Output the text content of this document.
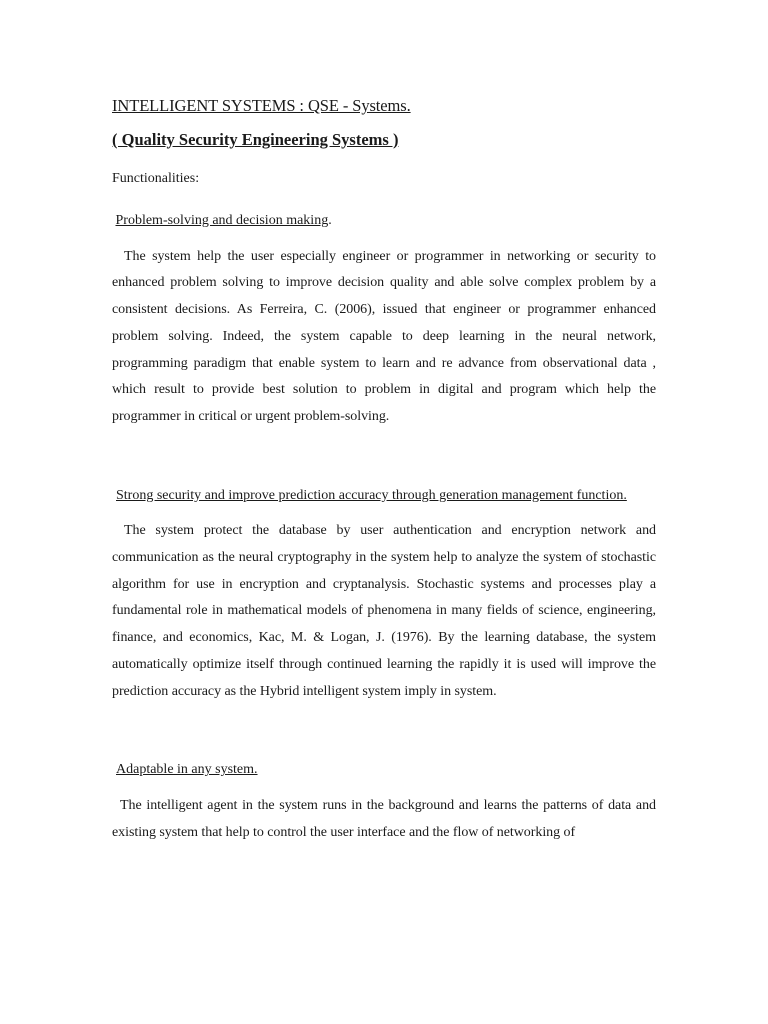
INTELLIGENT SYSTEMS : QSE - Systems.
( Quality Security Engineering Systems )

Functionalities:

Problem-solving and decision making.

The system help the user especially engineer or programmer in networking or security to enhanced problem solving to improve decision quality and able solve complex problem by a consistent decisions. As Ferreira, C. (2006), issued that engineer or programmer enhanced problem solving. Indeed, the system capable to deep learning in the neural network, programming paradigm that enable system to learn and re advance from observational data , which result to provide best solution to problem in digital and program which help the programmer in critical or urgent problem-solving.

Strong security and improve prediction accuracy through generation management function.

The system protect the database by user authentication and encryption network and communication as the neural cryptography in the system help to analyze the system of stochastic algorithm for use in encryption and cryptanalysis. Stochastic systems and processes play a fundamental role in mathematical models of phenomena in many fields of science, engineering, finance, and economics, Kac, M. & Logan, J. (1976). By the learning database, the system automatically optimize itself through continued learning the rapidly it is used will improve the prediction accuracy as the Hybrid intelligent system imply in system.

Adaptable in any system.

The intelligent agent in the system runs in the background and learns the patterns of data and existing system that help to control the user interface and the flow of networking of
